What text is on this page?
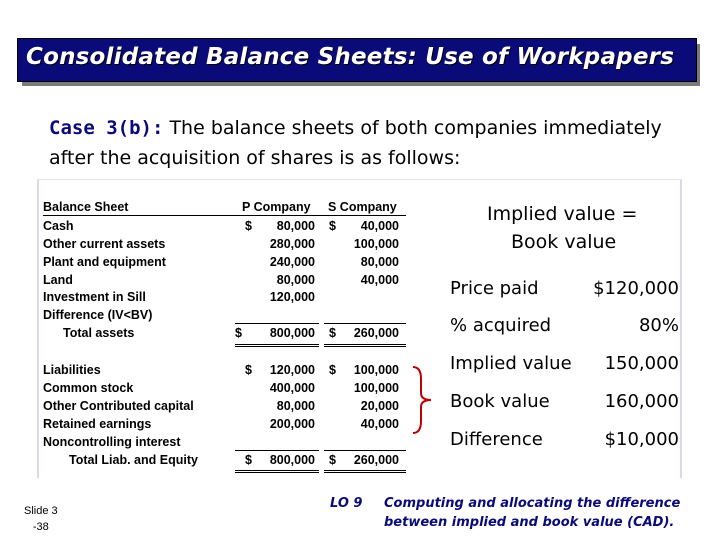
Consolidated Balance Sheets: Use of Workpapers
Case 3(b): The balance sheets of both companies immediately
after the acquisition of shares is as follows:
Balance Sheet	P Company S Company
Cash	$	80,000 $	40,000
Other current assets	280,000	100,000
Plant and equipment	240,000	80,000
Land	80,000	40,000
Investment in Sill	120,000
Difference (IV<BV)
Total assets	$	800,000 $	260,000
Liabilities	$	120,000 $	100,000
Common stock	400,000	100,000
Other Contributed capital	80,000	20,000
Retained earnings	200,000	40,000
Noncontrolling interest
Total Liab. and Equity	$	800,000 $	260,000
Implied value =
Book value
Price paid	$120,000
% acquired	80%
Implied value	150,000
Book value	160,000
Difference	$10,000
Slide 3
-38
LO 9 Computing and allocating the difference
between implied and book value (CAD).
